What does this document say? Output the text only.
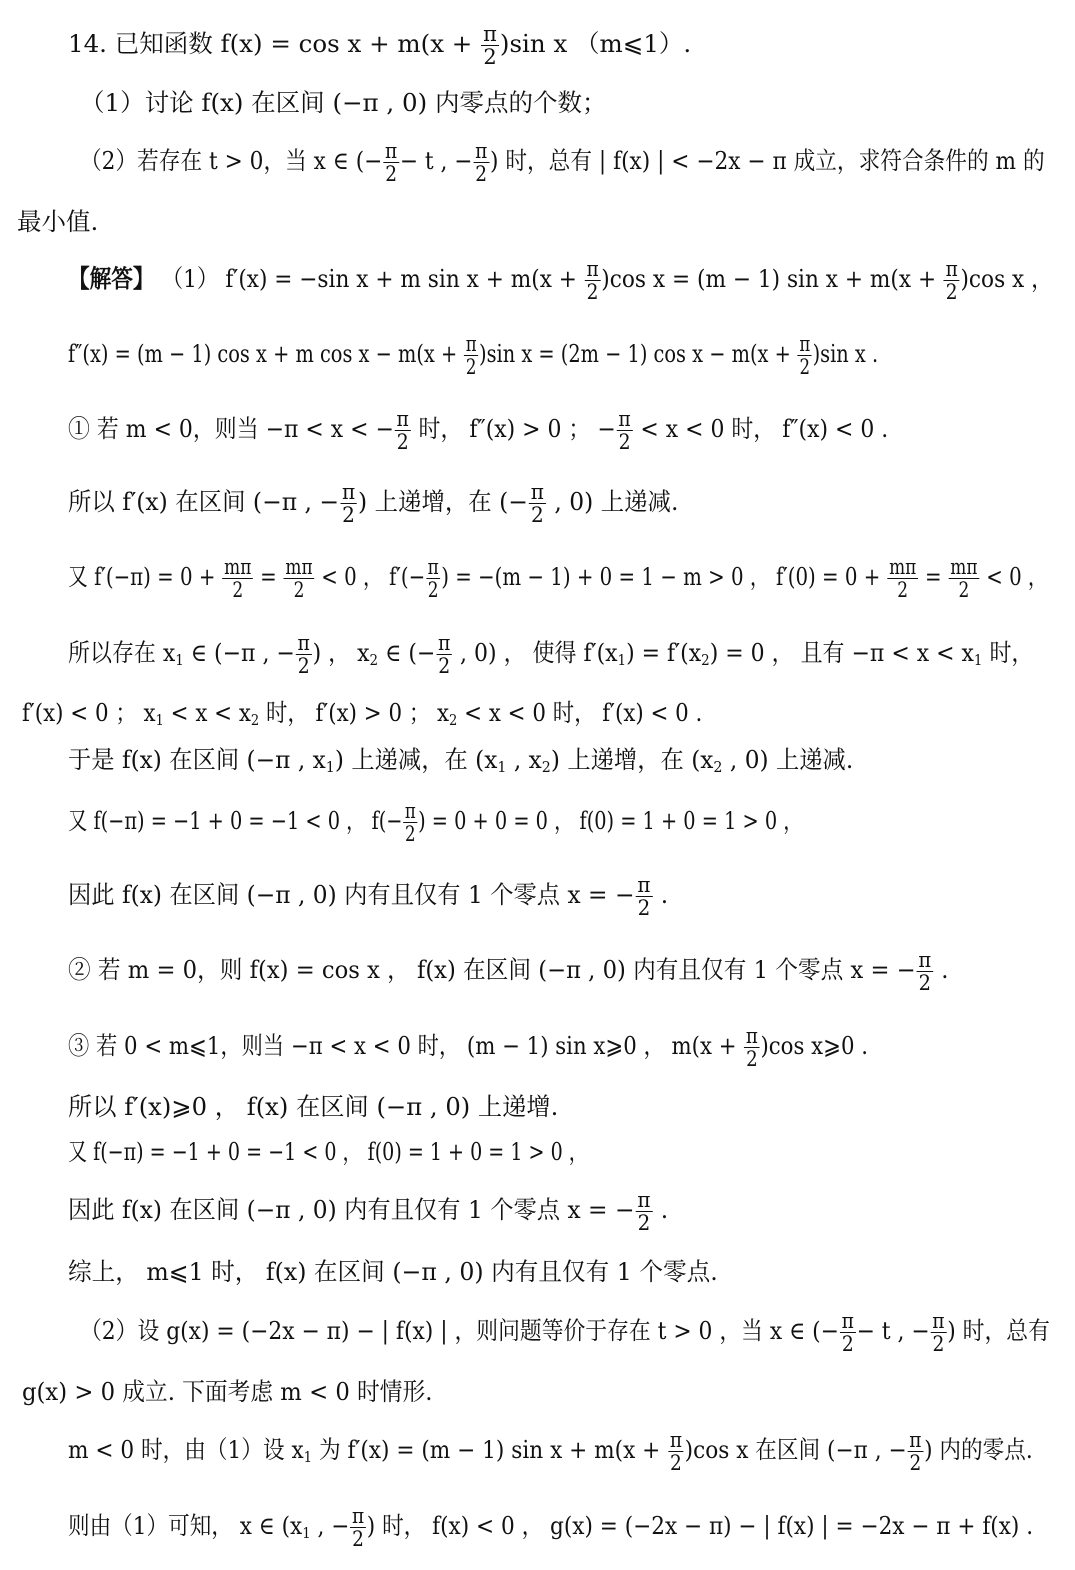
14. 已知函数 $f(x) = \cos x + m(x + \frac{\pi}{2} )\sin$ x （m⩽1）.
（1）讨论 f(x) 在区间 (−π , 0) 内零点的个数；
（2）若存在 t > 0，当 x ∈ (− $\frac{\pi}{2} - t$ , − $\frac{\pi}{2}$ ) 时，总有 | f(x) | < −2x − π 成立，求符合条件的 m 的
最小值.
【解答】 （1） f′(x) = −sin x + m $\sin x + m(x + \frac{\pi}{2} )\cos$ x = (m − 1) $\sin x + m(x + \frac{\pi}{2} )\cos$ x ，
f″(x) = (m − 1) cos x + m $\cos x - m(x + \frac{\pi}{2} )\sin$ x = (2m − 1) $\cos x - m(x + \frac{\pi}{2} )\sin$ x .
① 若 m < 0，则当 −π < x < − $\frac{\pi}{2}$ 时， f″(x) > 0 ； − $\frac{\pi}{2} < x < 0$ 时， f″(x) < 0 .
所以 f′(x) 在区间 (−π , − $\frac{\pi}{2}$ ) 上递增，在 (− $\frac{\pi}{2}$ , 0) 上递减.
又 $f'(-\pi) = 0 + \frac{m\pi}{2} = \frac{m\pi}{2} < 0$ ， $f'(- \frac{\pi}{2}$ ) = −(m − 1) + 0 = 1 − m > 0 ， $f'(0) = 0 + \frac{m\pi}{2} = \frac{m\pi}{2} < 0$ ，
所以存在 $x_1$ ∈ (−π , − $\frac{\pi}{2}$ ) ， $x_2$ ∈ (− $\frac{\pi}{2}$ , 0) ， 使得 $f'(x_1) = f'(x_2) = 0$ ， 且有 $-\pi < x < x_1$ 时，
f′(x) < 0 ； $x_1 < x < x_2$ 时， f′(x) > 0 ； $x_2 < x < 0$ 时， f′(x) < 0 .
于是 f(x) 在区间 (−π , $x_1$) 上递减，在 ($x_1$ , $x_2$) 上递增，在 ($x_2$ , 0) 上递减.
又 f(−π) = −1 + 0 = −1 < 0 ， $f(- \frac{\pi}{2}$ ) = 0 + 0 = 0 ， f(0) = 1 + 0 = 1 > 0 ，
因此 f(x) 在区间 (−π , 0) 内有且仅有 1 个零点 x = − $\frac{\pi}{2}$ .
② 若 m = 0，则 f(x) = cos x ， f(x) 在区间 (−π , 0) 内有且仅有 1 个零点 x = − $\frac{\pi}{2}$ .
③ 若 0 < m⩽1，则当 −π < x < 0 时， (m − 1) sin x⩾0 ， $m(x + \frac{\pi}{2} )\cos$ x⩾0 .
所以 f′(x)⩾0 ， f(x) 在区间 (−π , 0) 上递增.
又 f(−π) = −1 + 0 = −1 < 0 ， f(0) = 1 + 0 = 1 > 0 ，
因此 f(x) 在区间 (−π , 0) 内有且仅有 1 个零点 x = − $\frac{\pi}{2}$ .
综上， m⩽1 时， f(x) 在区间 (−π , 0) 内有且仅有 1 个零点.
（2）设 g(x) = (−2x − π) − | f(x) | ，则问题等价于存在 t > 0 ，当 x ∈ (− $\frac{\pi}{2} - t$ , − $\frac{\pi}{2}$ ) 时，总有
g(x) > 0 成立. 下面考虑 m < 0 时情形.
m < 0 时，由（1）设 $x_1$ 为 f′(x) = (m − 1) $\sin x + m(x + \frac{\pi}{2} )\cos$ x 在区间 (−π , − $\frac{\pi}{2}$ ) 内的零点.
则由（1）可知， x ∈ ($x_1$ , − $\frac{\pi}{2}$ ) 时， f(x) < 0 ， g(x) = (−2x − π) − | f(x) | = −2x − π + f(x) .
